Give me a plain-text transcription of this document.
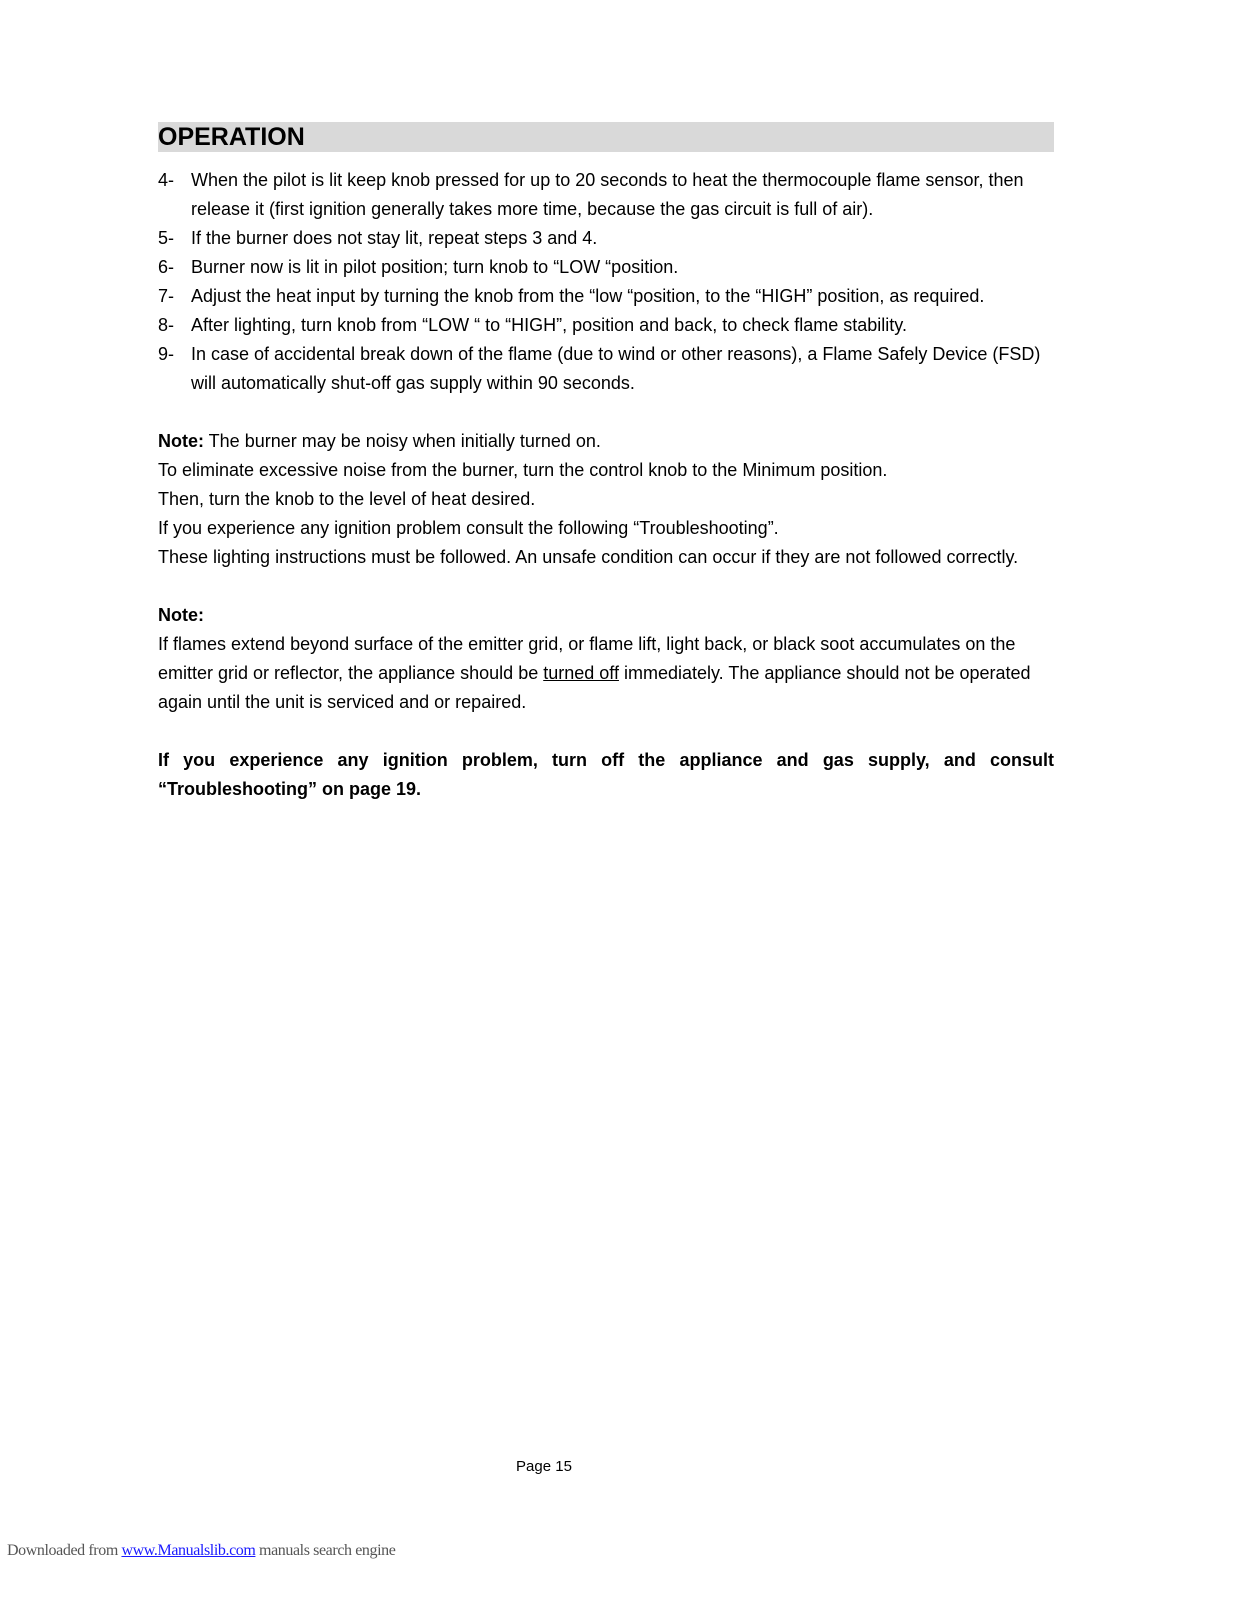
OPERATION
4- When the pilot is lit keep knob pressed for up to 20 seconds to heat the thermocouple flame sensor, then release it (first ignition generally takes more time, because the gas circuit is full of air).
5- If the burner does not stay lit, repeat steps 3 and 4.
6- Burner now is lit in pilot position; turn knob to “LOW “position.
7- Adjust the heat input by turning the knob from the “low “position, to the “HIGH” position, as required.
8- After lighting, turn knob from “LOW “ to “HIGH”, position and back, to check flame stability.
9- In case of accidental break down of the flame (due to wind or other reasons), a Flame Safely Device (FSD) will automatically shut-off gas supply within 90 seconds.

Note: The burner may be noisy when initially turned on.

To eliminate excessive noise from the burner, turn the control knob to the Minimum position.

Then, turn the knob to the level of heat desired.

If you experience any ignition problem consult the following “Troubleshooting”.

These lighting instructions must be followed. An unsafe condition can occur if they are not followed correctly.

Note:

If flames extend beyond surface of the emitter grid, or flame lift, light back, or black soot accumulates on the emitter grid or reflector, the appliance should be turned off immediately. The appliance should not be operated again until the unit is serviced and or repaired.

If you experience any ignition problem, turn off the appliance and gas supply, and consult “Troubleshooting” on page 19.

Page 15
Downloaded from www.Manualslib.com manuals search engine
